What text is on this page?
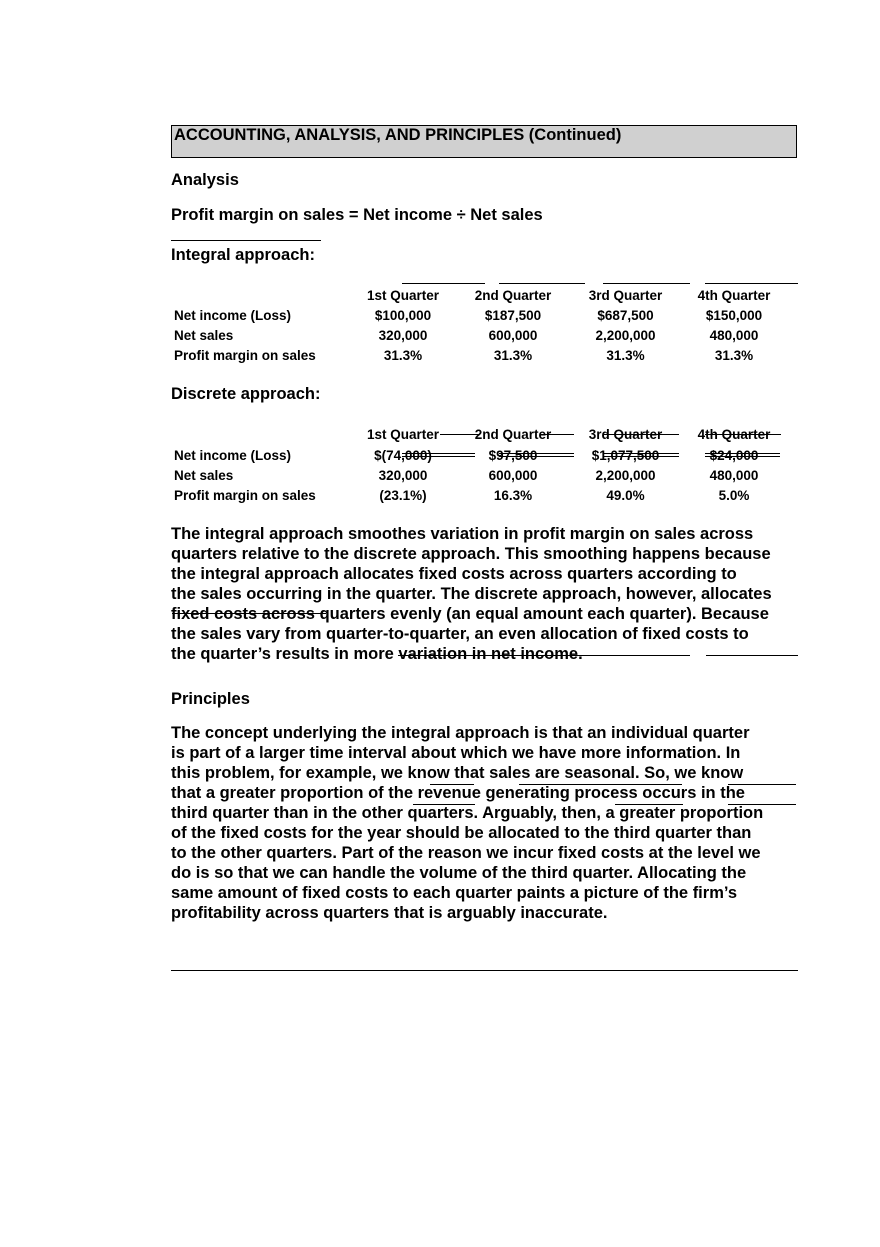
ACCOUNTING, ANALYSIS, AND PRINCIPLES (Continued)
Analysis
Profit margin on sales = Net income ÷ Net sales
Integral approach:
1st Quarter	2nd Quarter	3rd Quarter	4th Quarter
Net income (Loss)	$100,000	$187,500	$687,500	$150,000
Net sales	320,000	600,000	2,200,000	480,000
Profit margin on sales	31.3%	31.3%	31.3%	31.3%
Discrete approach:
1st Quarter	2nd Quarter	3rd Quarter	4th Quarter
Net income (Loss)	$(74,000)	$97,500	$1,077,500	$24,000
Net sales	320,000	600,000	2,200,000	480,000
Profit margin on sales	(23.1%)	16.3%	49.0%	5.0%

The integral approach smoothes variation in profit margin on sales across

quarters relative to the discrete approach. This smoothing happens because

the integral approach allocates fixed costs across quarters according to

the sales occurring in the quarter. The discrete approach, however, allocates

fixed costs across quarters evenly (an equal amount each quarter). Because

the sales vary from quarter-to-quarter, an even allocation of fixed costs to

the quarter’s results in more variation in net income.

Principles

The concept underlying the integral approach is that an individual quarter

is part of a larger time interval about which we have more information. In

this problem, for example, we know that sales are seasonal. So, we know

that a greater proportion of the revenue generating process occurs in the

third quarter than in the other quarters. Arguably, then, a greater proportion

of the fixed costs for the year should be allocated to the third quarter than

to the other quarters. Part of the reason we incur fixed costs at the level we

do is so that we can handle the volume of the third quarter. Allocating the

same amount of fixed costs to each quarter paints a picture of the firm’s

profitability across quarters that is arguably inaccurate.
